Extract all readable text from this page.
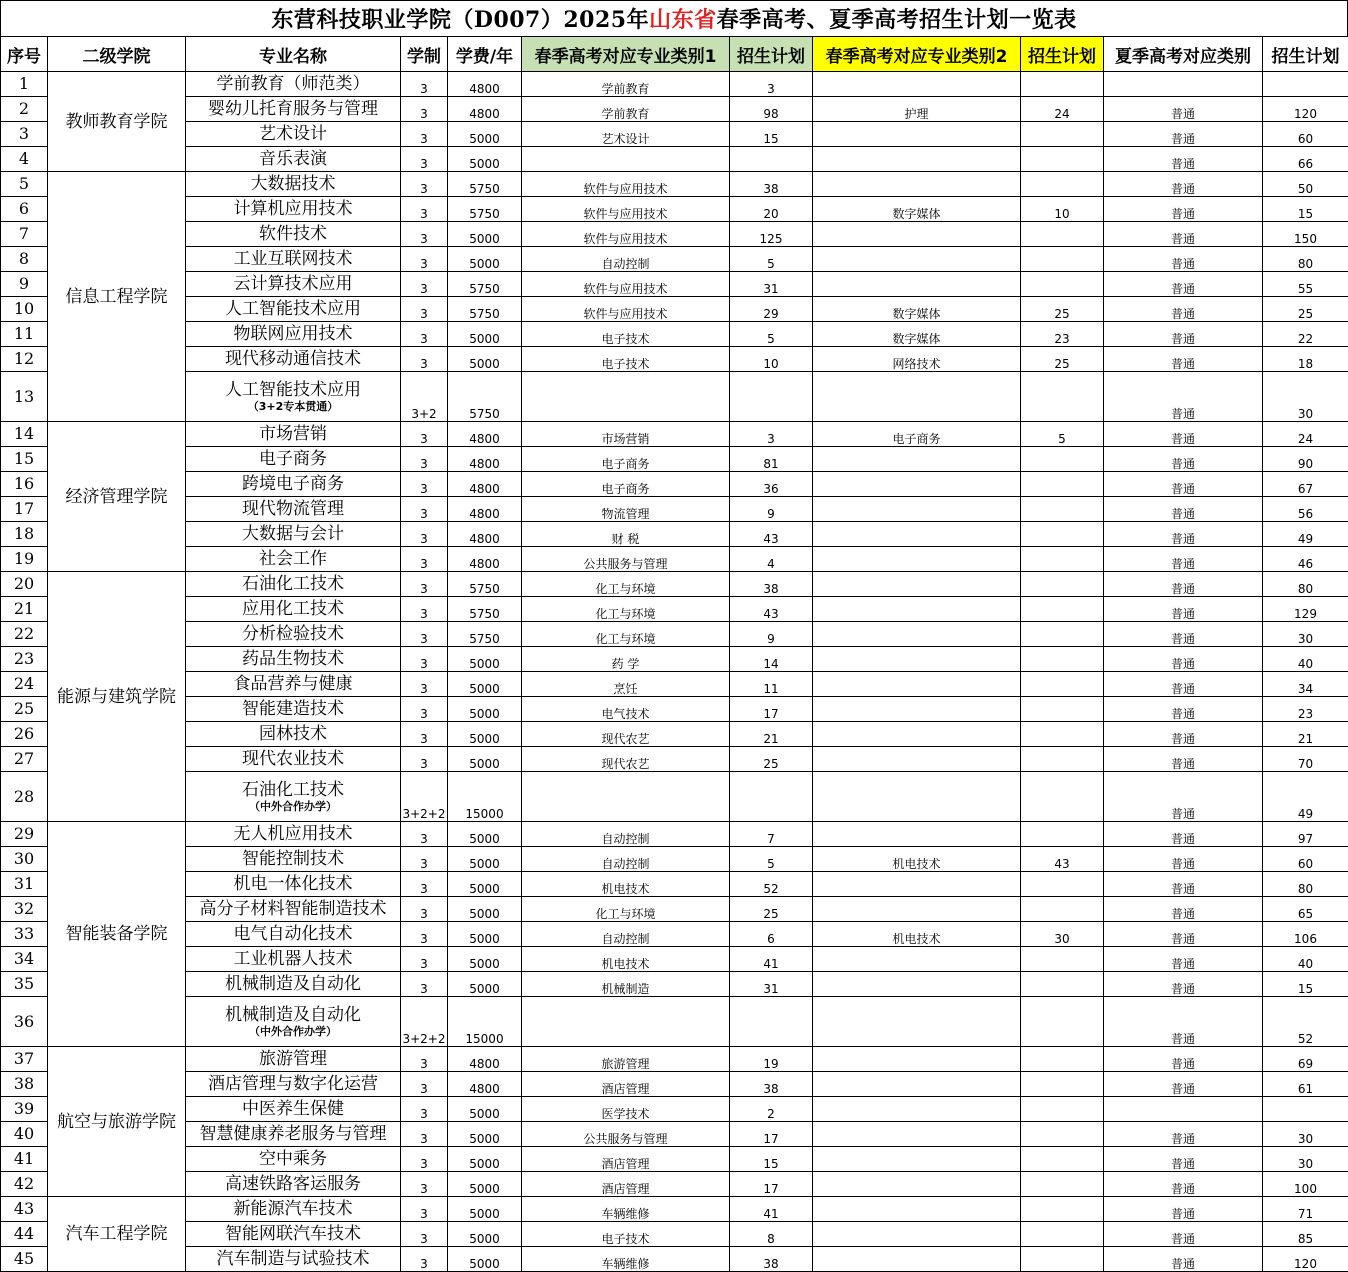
东营科技职业学院（D007）2025年 山东省 春季高考、夏季高考招生计划一览表
序号	二级学院	专业名称	学制	学费/年	春季高考对应专业类别1	招生计划	春季高考对应专业类别2	招生计划	夏季高考对应类别	招生计划
1	教师教育学院	学前教育（师范类）	3	4800	学前教育	3				
2		婴幼儿托育服务与管理	3	4800	学前教育	98	护理	24	普通	120
3		艺术设计	3	5000	艺术设计	15			普通	60
4		音乐表演	3	5000					普通	66
5	信息工程学院	大数据技术	3	5750	软件与应用技术	38			普通	50
6		计算机应用技术	3	5750	软件与应用技术	20	数字媒体	10	普通	15
7		软件技术	3	5000	软件与应用技术	125			普通	150
8		工业互联网技术	3	5000	自动控制	5			普通	80
9		云计算技术应用	3	5750	软件与应用技术	31			普通	55
10		人工智能技术应用	3	5750	软件与应用技术	29	数字媒体	25	普通	25
11		物联网应用技术	3	5000	电子技术	5	数字媒体	23	普通	22
12		现代移动通信技术	3	5000	电子技术	10	网络技术	25	普通	18
13		人工智能技术应用
（3+2专本贯通）	3+2	5750					普通	30
14	经济管理学院	市场营销	3	4800	市场营销	3	电子商务	5	普通	24
15		电子商务	3	4800	电子商务	81			普通	90
16		跨境电子商务	3	4800	电子商务	36			普通	67
17		现代物流管理	3	4800	物流管理	9			普通	56
18		大数据与会计	3	4800	财 税	43			普通	49
19		社会工作	3	4800	公共服务与管理	4			普通	46
20	能源与建筑学院	石油化工技术	3	5750	化工与环境	38			普通	80
21		应用化工技术	3	5750	化工与环境	43			普通	129
22		分析检验技术	3	5750	化工与环境	9			普通	30
23		药品生物技术	3	5000	药 学	14			普通	40
24		食品营养与健康	3	5000	烹饪	11			普通	34
25		智能建造技术	3	5000	电气技术	17			普通	23
26		园林技术	3	5000	现代农艺	21			普通	21
27		现代农业技术	3	5000	现代农艺	25			普通	70
28		石油化工技术
（中外合作办学）	3+2+2	15000					普通	49
29	智能装备学院	无人机应用技术	3	5000	自动控制	7			普通	97
30		智能控制技术	3	5000	自动控制	5	机电技术	43	普通	60
31		机电一体化技术	3	5000	机电技术	52			普通	80
32		高分子材料智能制造技术	3	5000	化工与环境	25			普通	65
33		电气自动化技术	3	5000	自动控制	6	机电技术	30	普通	106
34		工业机器人技术	3	5000	机电技术	41			普通	40
35		机械制造及自动化	3	5000	机械制造	31			普通	15
36		机械制造及自动化
（中外合作办学）	3+2+2	15000					普通	52
37	航空与旅游学院	旅游管理	3	4800	旅游管理	19			普通	69
38		酒店管理与数字化运营	3	4800	酒店管理	38			普通	61
39		中医养生保健	3	5000	医学技术	2				
40		智慧健康养老服务与管理	3	5000	公共服务与管理	17			普通	30
41		空中乘务	3	5000	酒店管理	15			普通	30
42		高速铁路客运服务	3	5000	酒店管理	17			普通	100
43	汽车工程学院	新能源汽车技术	3	5000	车辆维修	41			普通	71
44		智能网联汽车技术	3	5000	电子技术	8			普通	85
45		汽车制造与试验技术	3	5000	车辆维修	38			普通	120
